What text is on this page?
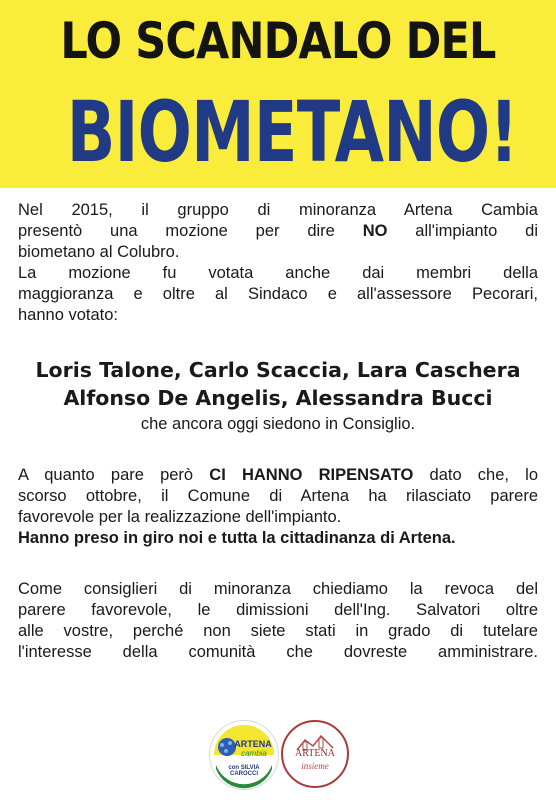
LO SCANDALO DEL
BIOMETANO!

Nel 2015, il gruppo di minoranza Artena Cambia

presentò una mozione per dire NO all'impianto di

biometano al Colubro.

La mozione fu votata anche dai membri della

maggioranza e oltre al Sindaco e all'assessore Pecorari,

hanno votato:

Loris Talone, Carlo Scaccia, Lara Caschera
Alfonso De Angelis, Alessandra Bucci
che ancora oggi siedono in Consiglio.

A quanto pare però CI HANNO RIPENSATO dato che, lo

scorso ottobre, il Comune di Artena ha rilasciato parere

favorevole per la realizzazione dell'impianto.

Hanno preso in giro noi e tutta la cittadinanza di Artena.

Come consiglieri di minoranza chiediamo la revoca del

parere favorevole, le dimissioni dell'Ing. Salvatori oltre

alle vostre, perché non siete stati in grado di tutelare

l'interesse della comunità che dovreste amministrare.

ARTENA
cambia
con SILVIA CAROCCI
ARTENA
insieme
